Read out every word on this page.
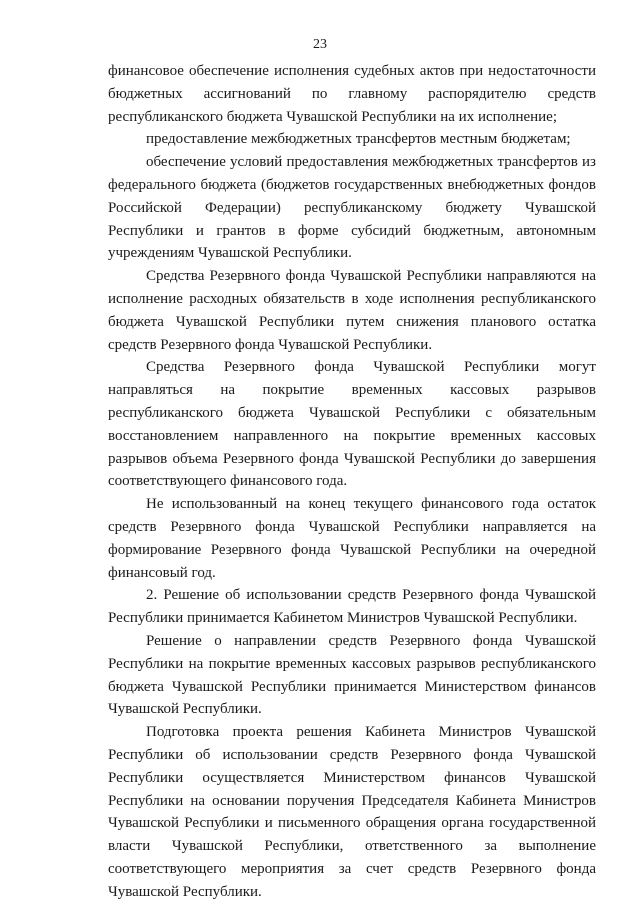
23

финансовое обеспечение исполнения судебных актов при недостаточности бюджетных ассигнований по главному распорядителю средств республиканского бюджета Чувашской Республики на их исполнение;

предоставление межбюджетных трансфертов местным бюджетам;

обеспечение условий предоставления межбюджетных трансфертов из федерального бюджета (бюджетов государственных внебюджетных фондов Российской Федерации) республиканскому бюджету Чувашской Республики и грантов в форме субсидий бюджетным, автономным учреждениям Чувашской Республики.

Средства Резервного фонда Чувашской Республики направляются на исполнение расходных обязательств в ходе исполнения республиканского бюджета Чувашской Республики путем снижения планового остатка средств Резервного фонда Чувашской Республики.

Средства Резервного фонда Чувашской Республики могут направляться на покрытие временных кассовых разрывов республиканского бюджета Чувашской Республики с обязательным восстановлением направленного на покрытие временных кассовых разрывов объема Резервного фонда Чувашской Республики до завершения соответствующего финансового года.

Не использованный на конец текущего финансового года остаток средств Резервного фонда Чувашской Республики направляется на формирование Резервного фонда Чувашской Республики на очередной финансовый год.

2. Решение об использовании средств Резервного фонда Чувашской Республики принимается Кабинетом Министров Чувашской Республики.

Решение о направлении средств Резервного фонда Чувашской Республики на покрытие временных кассовых разрывов республиканского бюджета Чувашской Республики принимается Министерством финансов Чувашской Республики.

Подготовка проекта решения Кабинета Министров Чувашской Республики об использовании средств Резервного фонда Чувашской Республики осуществляется Министерством финансов Чувашской Республики на основании поручения Председателя Кабинета Министров Чувашской Республики и письменного обращения органа государственной власти Чувашской Республики, ответственного за выполнение соответствующего мероприятия за счет средств Резервного фонда Чувашской Республики.
